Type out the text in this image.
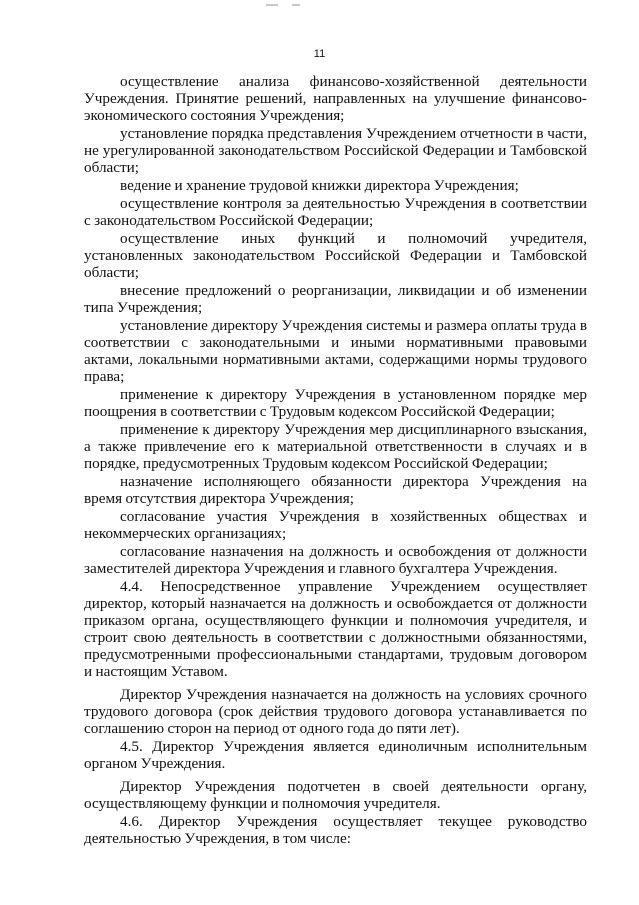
11

осуществление анализа финансово-хозяйственной деятельности Учреждения. Принятие решений, направленных на улучшение финансово-экономического состояния Учреждения;

установление порядка представления Учреждением отчетности в части, не урегулированной законодательством Российской Федерации и Тамбовской области;

ведение и хранение трудовой книжки директора Учреждения;

осуществление контроля за деятельностью Учреждения в соответствии с законодательством Российской Федерации;

осуществление иных функций и полномочий учредителя, установленных законодательством Российской Федерации и Тамбовской области;

внесение предложений о реорганизации, ликвидации и об изменении типа Учреждения;

установление директору Учреждения системы и размера оплаты труда в соответствии с законодательными и иными нормативными правовыми актами, локальными нормативными актами, содержащими нормы трудового права;

применение к директору Учреждения в установленном порядке мер поощрения в соответствии с Трудовым кодексом Российской Федерации;

применение к директору Учреждения мер дисциплинарного взыскания, а также привлечение его к материальной ответственности в случаях и в порядке, предусмотренных Трудовым кодексом Российской Федерации;

назначение исполняющего обязанности директора Учреждения на время отсутствия директора Учреждения;

согласование участия Учреждения в хозяйственных обществах и некоммерческих организациях;

согласование назначения на должность и освобождения от должности заместителей директора Учреждения и главного бухгалтера Учреждения.

4.4. Непосредственное управление Учреждением осуществляет директор, который назначается на должность и освобождается от должности приказом органа, осуществляющего функции и полномочия учредителя, и строит свою деятельность в соответствии с должностными обязанностями, предусмотренными профессиональными стандартами, трудовым договором и настоящим Уставом.

Директор Учреждения назначается на должность на условиях срочного трудового договора (срок действия трудового договора устанавливается по соглашению сторон на период от одного года до пяти лет).

4.5. Директор Учреждения является единоличным исполнительным органом Учреждения.

Директор Учреждения подотчетен в своей деятельности органу, осуществляющему функции и полномочия учредителя.

4.6. Директор Учреждения осуществляет текущее руководство деятельностью Учреждения, в том числе:
